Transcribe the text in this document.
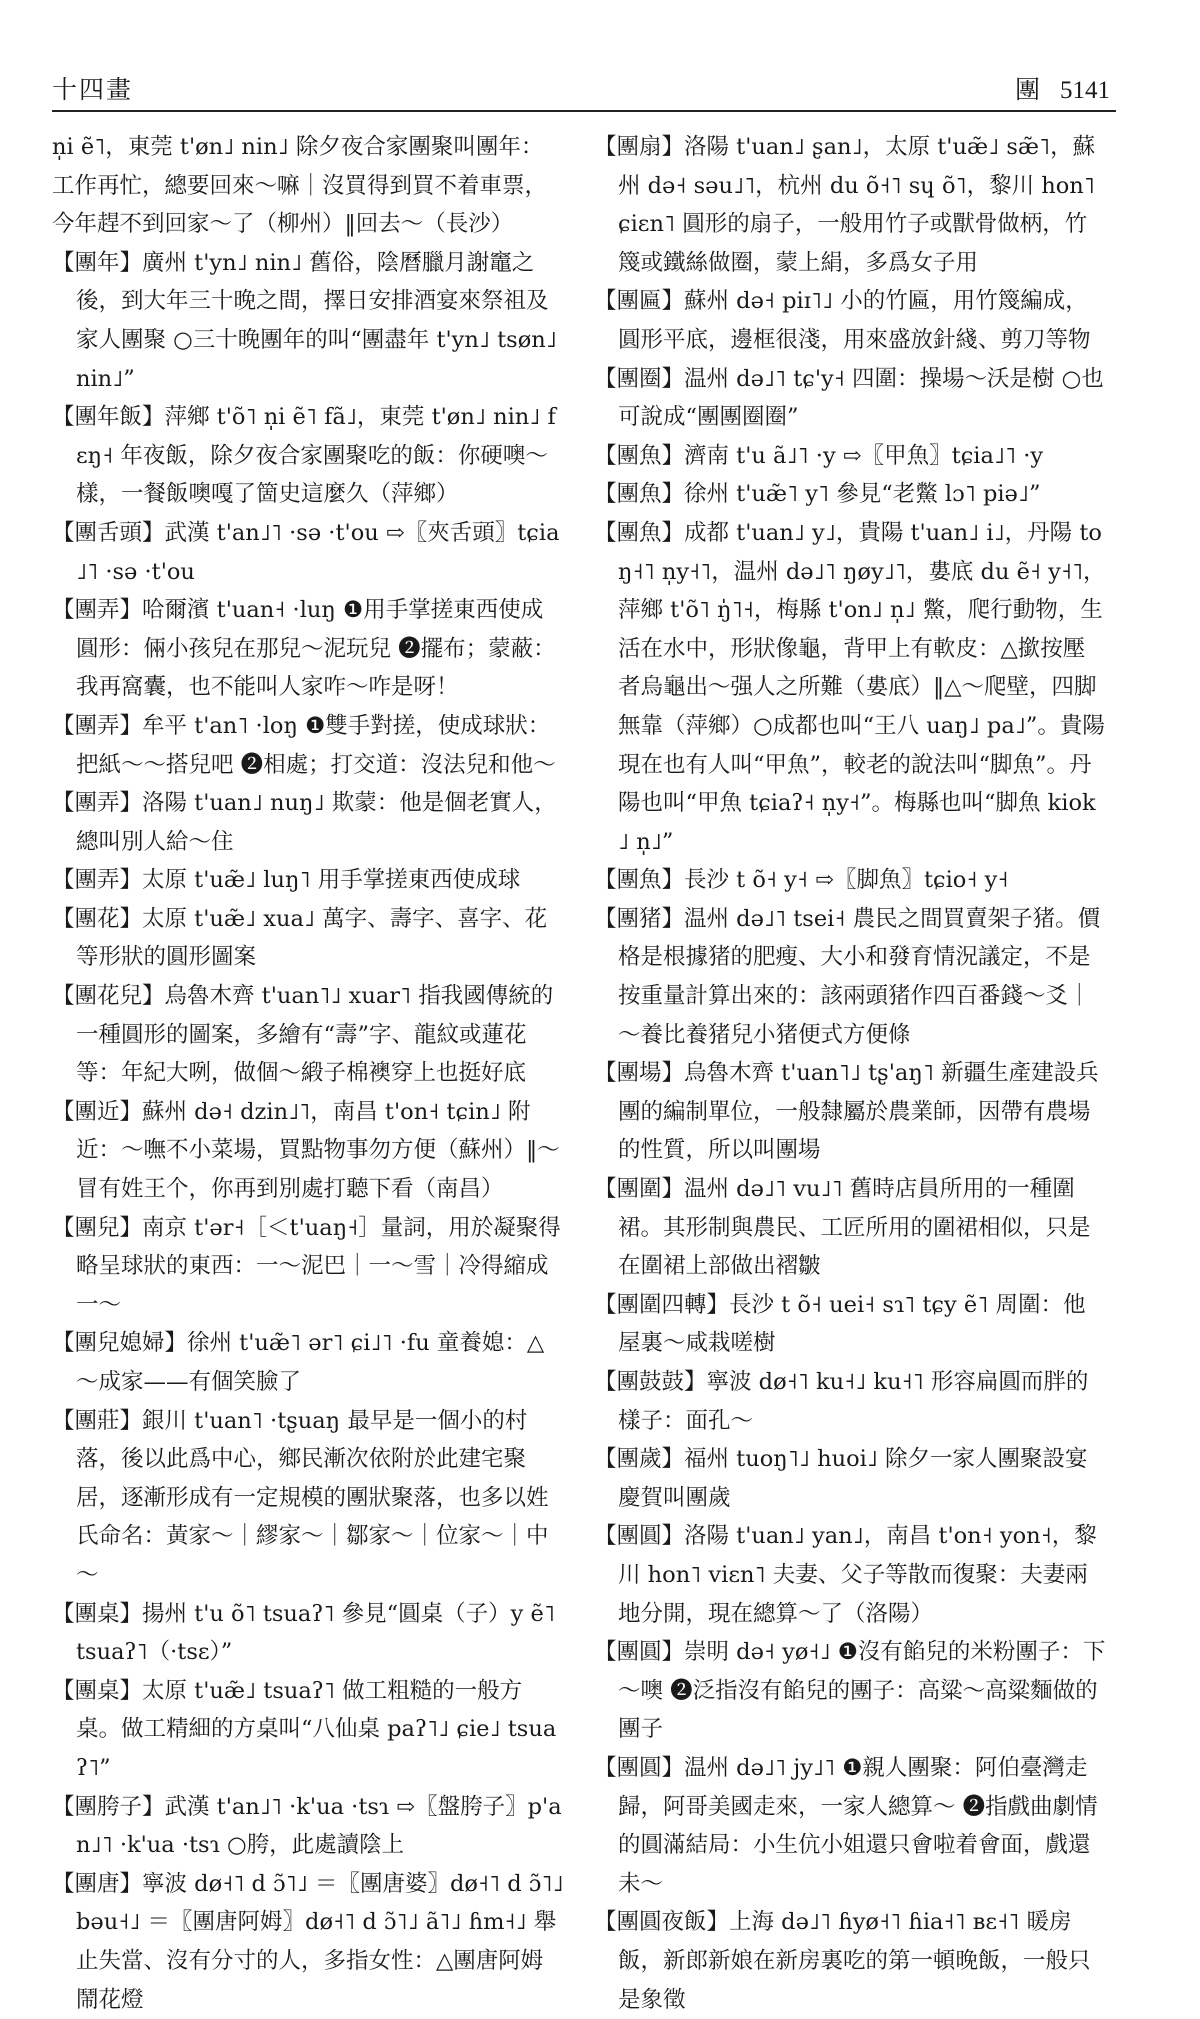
十四畫	團 5141

n̩i ẽ˥，東莞 t'øn˩ nin˩ 除夕夜合家團聚叫團年：工作再忙，總要回來～嘛｜沒買得到買不着車票，今年趕不到回家～了（柳州）‖回去～（長沙）

【團年】廣州 t'yn˩ nin˩ 舊俗，陰曆臘月謝竈之後，到大年三十晚之間，擇日安排酒宴來祭祖及家人團聚 ○三十晚團年的叫“團盡年 t'yn˩ tsøn˩ nin˩”

【團年飯】萍鄉 t'õ˥ n̩i ẽ˥ fã˩，東莞 t'øn˩ nin˩ fɛŋ˧ 年夜飯，除夕夜合家團聚吃的飯：你硬噢～樣，一餐飯噢嘎了箇史這麼久（萍鄉）

【團舌頭】武漢 t'an˩˥ ·sə ·t'ou ⇨〖夾舌頭〗tɕia˩˥ ·sə ·t'ou

【團弄】哈爾濱 t'uan˧ ·luŋ ❶用手掌搓東西使成圓形：倆小孩兒在那兒～泥玩兒 ❷擺布；蒙蔽：我再窩囊，也不能叫人家咋～咋是呀！

【團弄】牟平 t'an˥ ·loŋ ❶雙手對搓，使成球狀：把紙～～搭兒吧 ❷相處；打交道：沒法兒和他～

【團弄】洛陽 t'uan˩ nuŋ˩ 欺蒙：他是個老實人，總叫別人給～住

【團弄】太原 t'uæ̃˩ luŋ˥ 用手掌搓東西使成球

【團花】太原 t'uæ̃˩ xua˩ 萬字、壽字、喜字、花等形狀的圓形圖案

【團花兒】烏魯木齊 t'uan˥˩ xuar˥ 指我國傳統的一種圓形的圖案，多繪有“壽”字、龍紋或蓮花等：年紀大咧，做個～緞子棉襖穿上也挺好底

【團近】蘇州 də˧ dzin˩˥，南昌 t'on˧ tɕin˩ 附近：～嘸不小菜場，買點物事勿方便（蘇州）‖～冒有姓王个，你再到別處打聽下看（南昌）

【團兒】南京 t'ər˧［＜t'uaŋ˧］量詞，用於凝聚得略呈球狀的東西：一～泥巴｜一～雪｜冷得縮成一～

【團兒媳婦】徐州 t'uæ̃˥ ər˥ ɕi˩˥ ·fu 童養媳：△～成家——有個笑臉了

【團莊】銀川 t'uan˥ ·tʂuaŋ 最早是一個小的村落，後以此爲中心，鄉民漸次依附於此建宅聚居，逐漸形成有一定規模的團狀聚落，也多以姓氏命名：黃家～｜繆家～｜鄒家～｜位家～｜中～

【團桌】揚州 t'u õ˥ tsuaʔ˥ 參見“圓桌（子）y ẽ˥ tsuaʔ˥（·tsɛ）”

【團桌】太原 t'uæ̃˩ tsuaʔ˥ 做工粗糙的一般方桌。做工精細的方桌叫“八仙桌 paʔ˥˩ ɕie˩ tsuaʔ˥”

【團胯子】武漢 t'an˩˥ ·k'ua ·tsɿ ⇨〖盤胯子〗p'an˩˥ ·k'ua ·tsɿ ○胯，此處讀陰上

【團唐】寧波 dø˧˥ d ɔ̃˥˩ ＝〖團唐婆〗dø˧˥ d ɔ̃˥˩ bəu˧˩ ＝〖團唐阿姆〗dø˧˥ d ɔ̃˥˩ ã˥˩ ɦm˧˩ 舉止失當、沒有分寸的人，多指女性：△團唐阿姆鬧花燈

【團扇】洛陽 t'uan˩ ʂan˩，太原 t'uæ̃˩ sæ̃˥，蘇州 də˧ səu˩˥，杭州 du õ˧˥ sɥ õ˥，黎川 hon˥ ɕiɛn˥ 圓形的扇子，一般用竹子或獸骨做柄，竹篾或鐵絲做圈，蒙上絹，多爲女子用

【團匾】蘇州 də˧ piɪ˥˩ 小的竹匾，用竹篾編成，圓形平底，邊框很淺，用來盛放針綫、剪刀等物

【團圈】温州 də˩˥ tɕ'y˧ 四圍：操場～沃是樹 ○也可說成“團團圈圈”

【團魚】濟南 t'u ã˩˥ ·y ⇨〖甲魚〗tɕia˩˥ ·y

【團魚】徐州 t'uæ̃˥ y˥ 參見“老鱉 lɔ˥ piə˩”

【團魚】成都 t'uan˩ y˩，貴陽 t'uan˩ i˩，丹陽 toŋ˧˥ n̩y˧˥，温州 də˩˥ ŋøy˩˥，婁底 du ẽ˧ y˧˥，萍鄉 t'õ˥ ŋ̍˥˧，梅縣 t'on˩ n̩˩ 鱉，爬行動物，生活在水中，形狀像龜，背甲上有軟皮：△撳按壓者烏龜出～强人之所難（婁底）‖△～爬壁，四脚無靠（萍鄉）○成都也叫“王八 uaŋ˩ pa˩”。貴陽現在也有人叫“甲魚”，較老的說法叫“脚魚”。丹陽也叫“甲魚 tɕiaʔ˧ n̩y˧”。梅縣也叫“脚魚 kiok˩ n̩˩”

【團魚】長沙 t õ˧ y˧ ⇨〖脚魚〗tɕio˧ y˧

【團猪】温州 də˩˥ tsei˧ 農民之間買賣架子猪。價格是根據猪的肥瘦、大小和發育情況議定，不是按重量計算出來的：該兩頭猪作四百番錢～爻｜～養比養猪兒小猪便式方便條

【團場】烏魯木齊 t'uan˥˩ tʂ'aŋ˥ 新疆生產建設兵團的編制單位，一般隸屬於農業師，因帶有農場的性質，所以叫團場

【團圍】温州 də˩˥ vu˩˥ 舊時店員所用的一種圍裙。其形制與農民、工匠所用的圍裙相似，只是在圍裙上部做出褶皺

【團圍四轉】長沙 t õ˧ uei˧ sɿ˥ tɕy ẽ˥ 周圍：他屋裏～咸栽嗟樹

【團鼓鼓】寧波 dø˧˥ ku˧˩ ku˧˥ 形容扁圓而胖的樣子：面孔～

【團歲】福州 tuoŋ˥˩ huoi˩ 除夕一家人團聚設宴慶賀叫團歲

【團圓】洛陽 t'uan˩ yan˩，南昌 t'on˧ yon˧，黎川 hon˥ viɛn˥ 夫妻、父子等散而復聚：夫妻兩地分開，現在總算～了（洛陽）

【團圓】崇明 də˧ yø˧˩ ❶沒有餡兒的米粉團子：下～噢 ❷泛指沒有餡兒的團子：高粱～高粱麵做的團子

【團圓】温州 də˩˥ jy˩˥ ❶親人團聚：阿伯臺灣走歸，阿哥美國走來，一家人總算～ ❷指戲曲劇情的圓滿結局：小生伉小姐還只會啦着會面，戲還未～

【團圓夜飯】上海 də˩˥ ɦyø˧˥ ɦia˧˥ ʙɛ˧˥ 暖房飯，新郎新娘在新房裏吃的第一頓晚飯，一般只是象徵
